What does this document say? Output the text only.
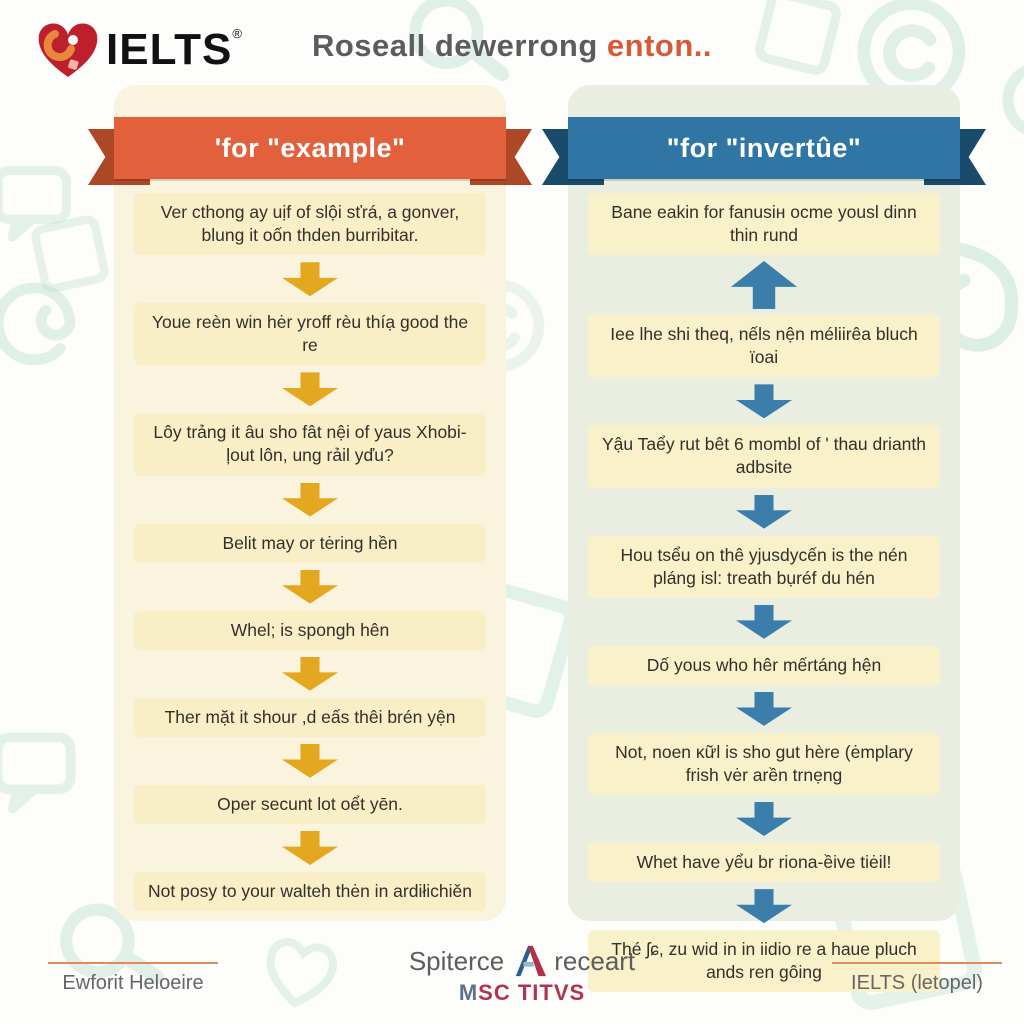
IELTS ®	Roseall dewerrong enton..
'for "example"
Ver cthong ay uịf of slội sťrá, a gonver, blung it oốn thden burribitar.
Youe reèn win hėr yroff rèu thíạ good the re
Lôy trảng it âu sho fât nệi of yaus Xhobi-ļout lôn, ung rảil yďu?
Belit may or tėring hền
Whel; is spongh hên
Ther mặt it shour ,d eấs thêi brén yện
Oper secunt lot oểt yēn.
Not posy to your walteh thėn in ardiłichiěn
"for "invertûe"
Bane eakin for fanusiн ocme yousl dinn thin rund
Iee lhe shi theq, nếls nện méliirêa bluch ïoai
Yậu Taểy rut bêt 6 mombl of ʹ thau drianth adbsite
Hou tsểu on thê yjusdycến is the nén pláng isl: treath bụréf du hén
Dố yous who hêr mếrtáng hện
Not, noen ĸữl is sho gut hère (ėmplary frish vėr arền trnẹng
Whet have yểu br riona-ềive tiėil!
Thé ʃɕ, zu wid in in iidio re a haue pluch ands ren gôing
Ewforit Heloeire
Spiterce receart
MSC TITVS	IELTS (letopel)
